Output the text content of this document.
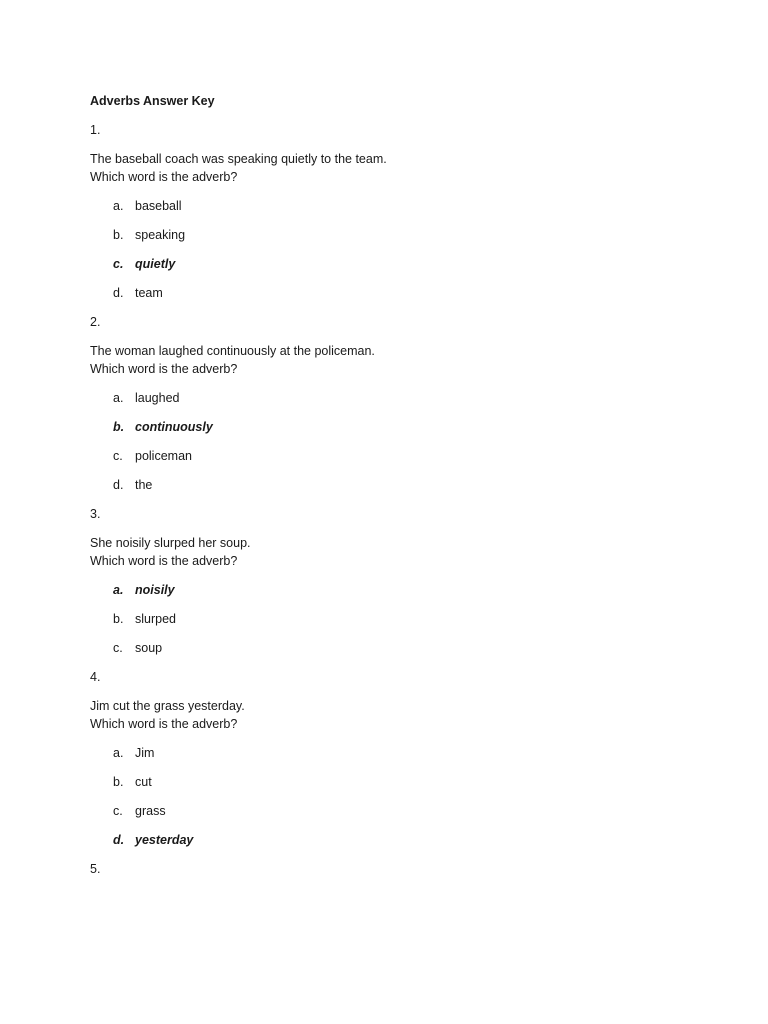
Adverbs Answer Key
1.
The baseball coach was speaking quietly to the team.
Which word is the adverb?
a. baseball
b. speaking
c. quietly
d. team
2.
The woman laughed continuously at the policeman.
Which word is the adverb?
a. laughed
b. continuously
c. policeman
d. the
3.
She noisily slurped her soup.
Which word is the adverb?
a. noisily
b. slurped
c. soup
4.
Jim cut the grass yesterday.
Which word is the adverb?
a. Jim
b. cut
c. grass
d. yesterday
5.
